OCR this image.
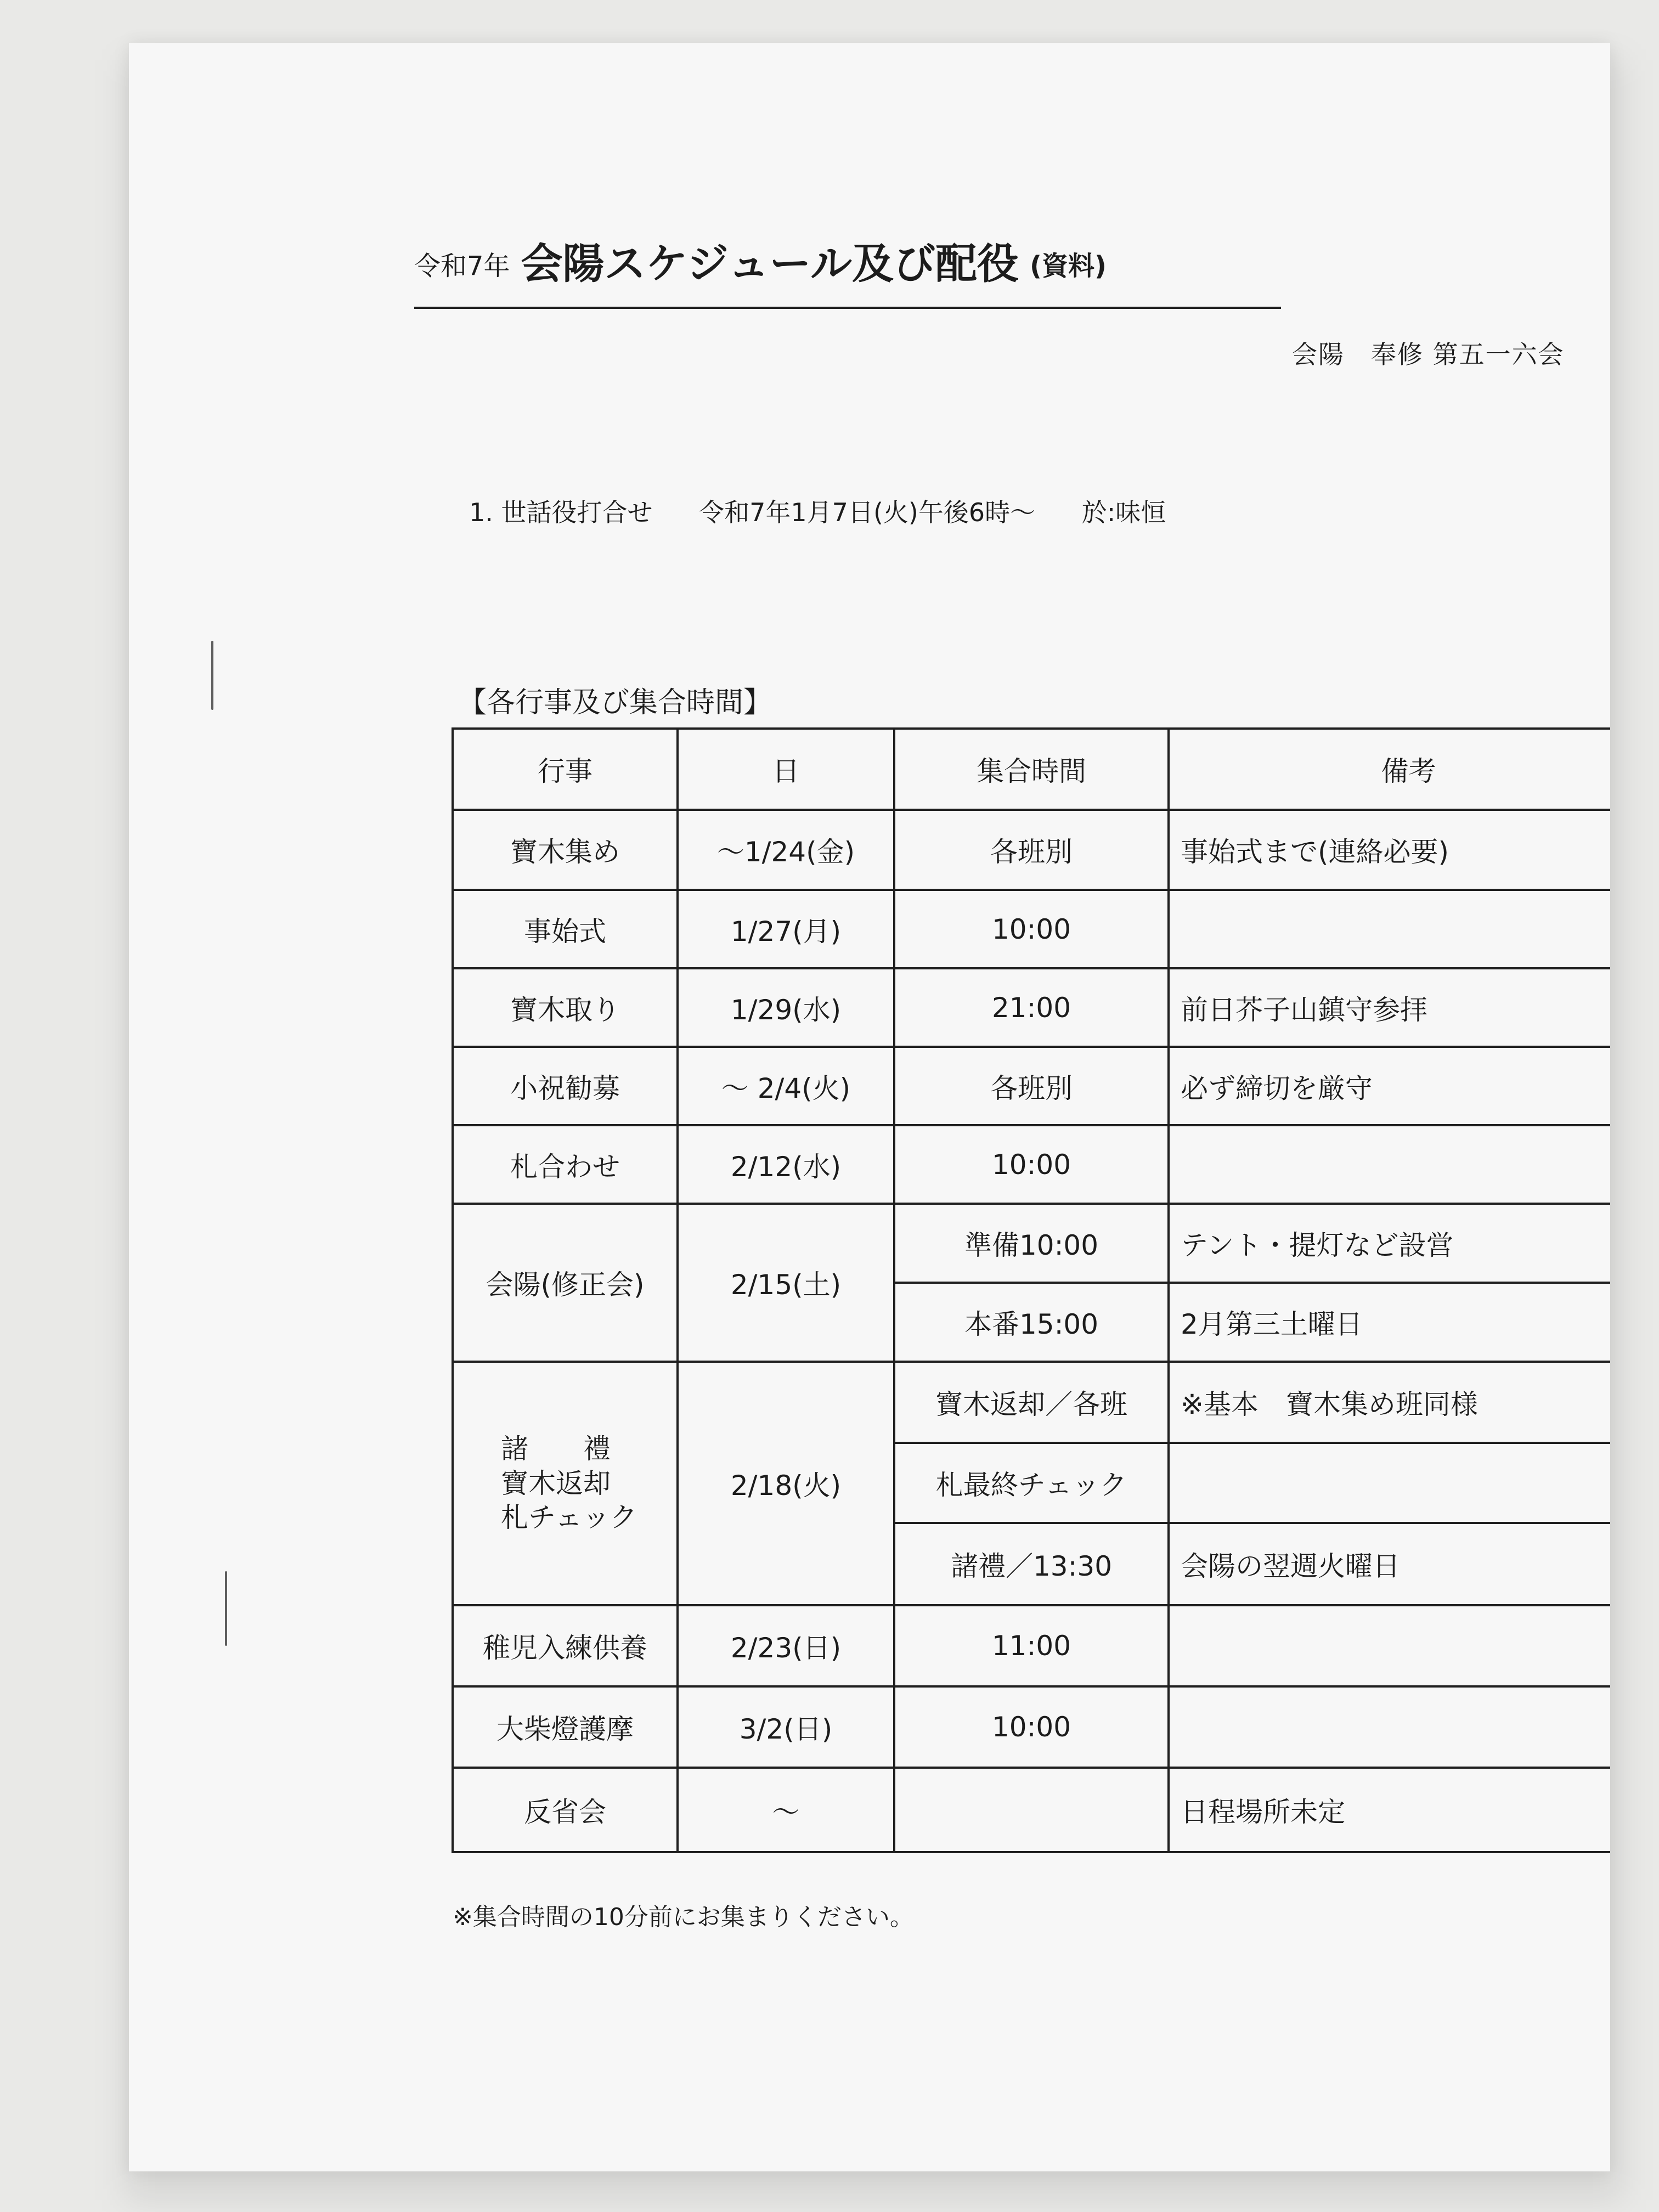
令和7年 会陽スケジュール及び配役 (資料)
会陽　奉修 第五一六会
1. 世話役打合せ 令和7年1月7日(火)午後6時～ 於:味恒
【各行事及び集合時間】
行事	日	集合時間	備考
寶木集め	～1/24(金)	各班別	事始式まで(連絡必要)
事始式	1/27(月)	10:00	
寶木取り	1/29(水)	21:00	前日芥子山鎮守参拝
小祝勧募	～ 2/4(火)	各班別	必ず締切を厳守
札合わせ	2/12(水)	10:00	
会陽(修正会)	2/15(土)	準備10:00	テント・提灯など設営
		本番15:00	2月第三土曜日

諸　　禮
寶木返却
札チェック	2/18(火)	寶木返却／各班	※基本　寶木集め班同様
		札最終チェック	
		諸禮／13:30	会陽の翌週火曜日
稚児入練供養	2/23(日)	11:00	
大柴燈護摩	3/2(日)	10:00	
反省会	～		日程場所未定
※集合時間の10分前にお集まりください。
